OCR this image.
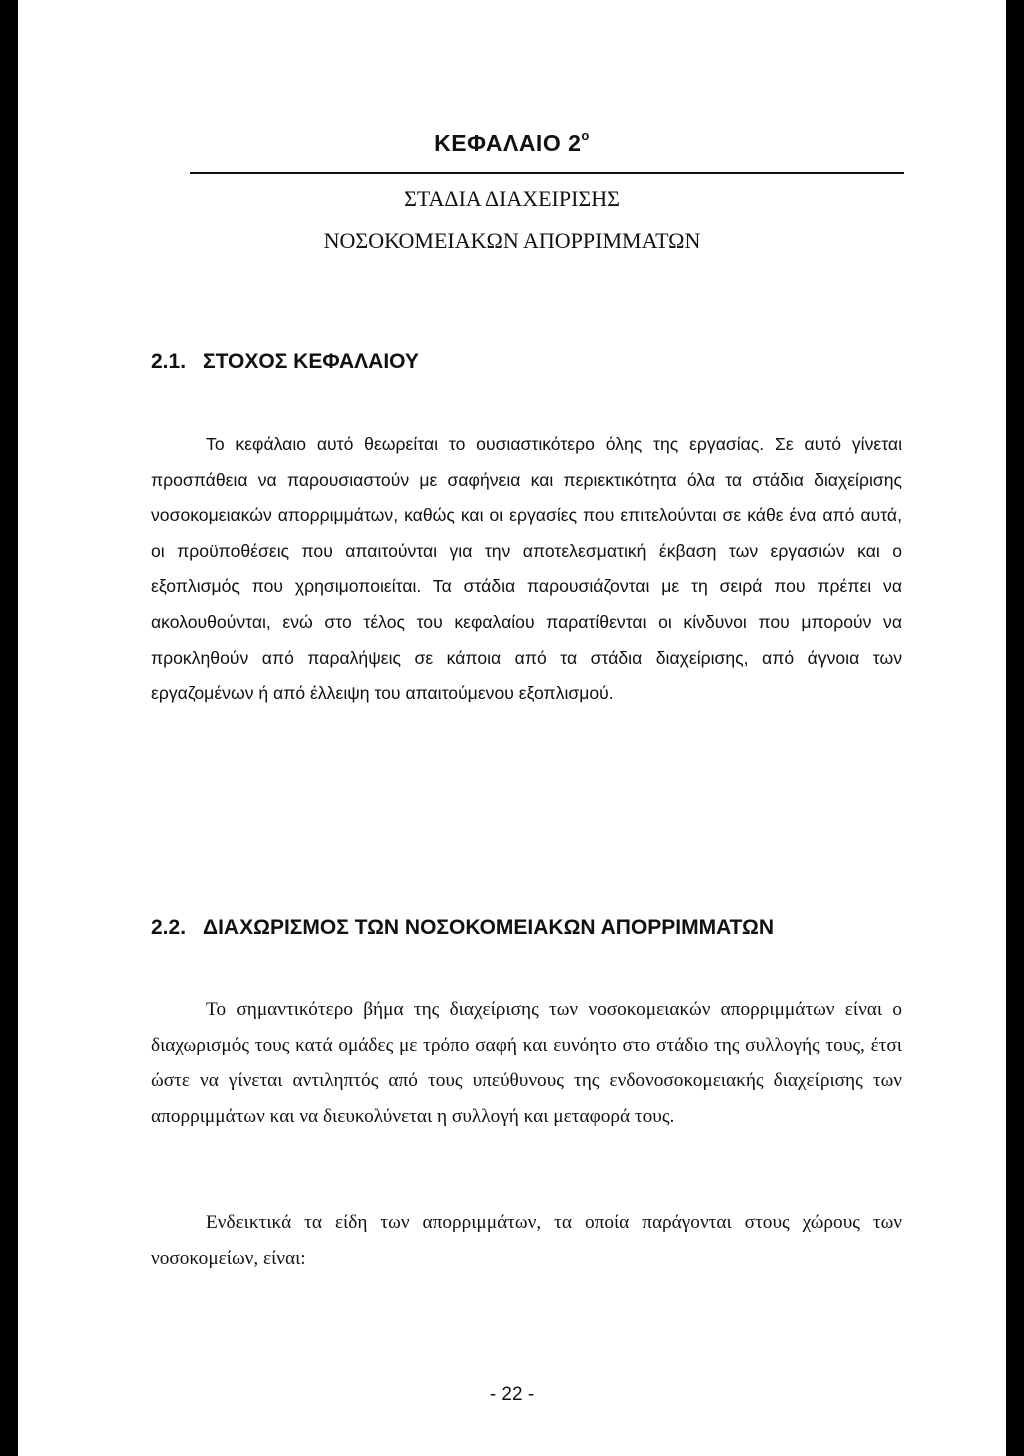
ΚΕΦΑΛΑΙΟ $2^o$

ΣΤΑΔΙΑ ΔΙΑΧΕΙΡΙΣΗΣ

ΝΟΣΟΚΟΜΕΙΑΚΩΝ ΑΠΟΡΡΙΜΜΑΤΩΝ

2.1. ΣΤΟΧΟΣ ΚΕΦΑΛΑΙΟΥ

Το κεφάλαιο αυτό θεωρείται το ουσιαστικότερο όλης της εργασίας. Σε αυτό γίνεται προσπάθεια να παρουσιαστούν με σαφήνεια και περιεκτικότητα όλα τα στάδια διαχείρισης νοσοκομειακών απορριμμάτων, καθώς και οι εργασίες που επιτελούνται σε κάθε ένα από αυτά, οι προϋποθέσεις που απαιτούνται για την αποτελεσματική έκβαση των εργασιών και ο εξοπλισμός που χρησιμοποιείται. Τα στάδια παρουσιάζονται με τη σειρά που πρέπει να ακολουθούνται, ενώ στο τέλος του κεφαλαίου παρατίθενται οι κίνδυνοι που μπορούν να προκληθούν από παραλήψεις σε κάποια από τα στάδια διαχείρισης, από άγνοια των εργαζομένων ή από έλλειψη του απαιτούμενου εξοπλισμού.

2.2. ΔΙΑΧΩΡΙΣΜΟΣ ΤΩΝ ΝΟΣΟΚΟΜΕΙΑΚΩΝ ΑΠΟΡΡΙΜΜΑΤΩΝ

Το σημαντικότερο βήμα της διαχείρισης των νοσοκομειακών απορριμμάτων είναι ο διαχωρισμός τους κατά ομάδες με τρόπο σαφή και ευνόητο στο στάδιο της συλλογής τους, έτσι ώστε να γίνεται αντιληπτός από τους υπεύθυνους της ενδονοσοκομειακής διαχείρισης των απορριμμάτων και να διευκολύνεται η συλλογή και μεταφορά τους.

Ενδεικτικά τα είδη των απορριμμάτων, τα οποία παράγονται στους χώρους των νοσοκομείων, είναι:

- 22 -
